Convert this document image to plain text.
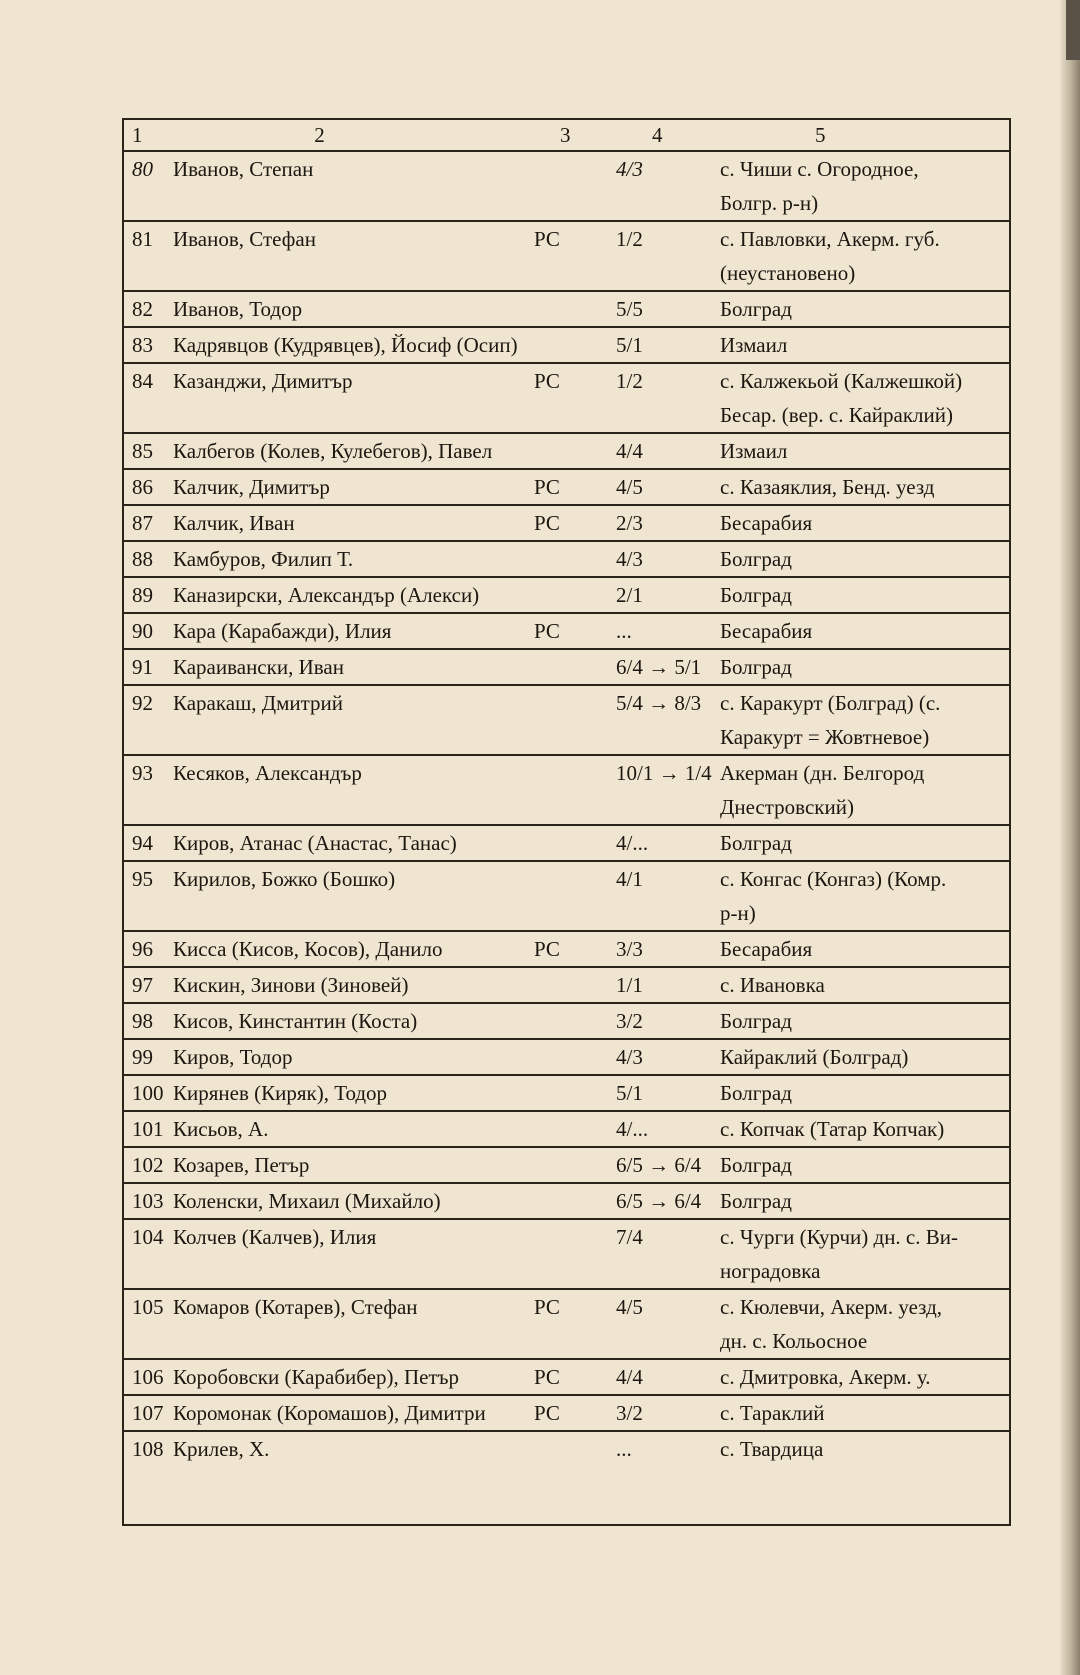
1	2	3	4	5
80	Иванов, Степан		4/3	с. Чиши с. Огородное,
Болгр. р-н)

81	Иванов, Стефан	РС	1/2	с. Павловки, Акерм. губ.
(неустановено)

82	Иванов, Тодор		5/5	Болград

83	Кадрявцов (Кудрявцев), Йосиф (Осип)		5/1	Измаил

84	Казанджи, Димитър	РС	1/2	с. Калжекьой (Калжешкой)
Бесар. (вер. с. Кайраклий)

85	Калбегов (Колев, Кулебегов), Павел		4/4	Измаил

86	Калчик, Димитър	РС	4/5	с. Казаяклия, Бенд. уезд

87	Калчик, Иван	РС	2/3	Бесарабия

88	Камбуров, Филип Т.		4/3	Болград

89	Каназирски, Александър (Алекси)		2/1	Болград

90	Кара (Карабажди), Илия	РС	...	Бесарабия

91	Караивански, Иван		6/4 → 5/1	Болград

92	Каракаш, Дмитрий		5/4 → 8/3	с. Каракурт (Болград) (с.
Каракурт = Жовтневое)

93	Кесяков, Александър		10/1 → 1/4	Акерман (дн. Белгород
Днестровский)

94	Киров, Атанас (Анастас, Танас)		4/...	Болград

95	Кирилов, Божко (Бошко)		4/1	с. Конгас (Конгаз) (Комр.
р-н)

96	Кисса (Кисов, Косов), Данило	РС	3/3	Бесарабия

97	Кискин, Зинови (Зиновей)		1/1	с. Ивановка

98	Кисов, Кинстантин (Коста)		3/2	Болград

99	Киров, Тодор		4/3	Кайраклий (Болград)

100	Кирянев (Киряк), Тодор		5/1	Болград

101	Кисьов, А.		4/...	с. Копчак (Татар Копчак)

102	Козарев, Петър		6/5 → 6/4	Болград

103	Коленски, Михаил (Михайло)		6/5 → 6/4	Болград

104	Колчев (Калчев), Илия		7/4	с. Чурги (Курчи) дн. с. Ви-
ноградовка

105	Комаров (Котарев), Стефан	РС	4/5	с. Кюлевчи, Акерм. уезд,
дн. с. Кольосное

106	Коробовски (Карабибер), Петър	РС	4/4	с. Дмитровка, Акерм. у.

107	Коромонак (Коромашов), Димитри	РС	3/2	с. Тараклий

108	Крилев, Х.		...	с. Твардица
